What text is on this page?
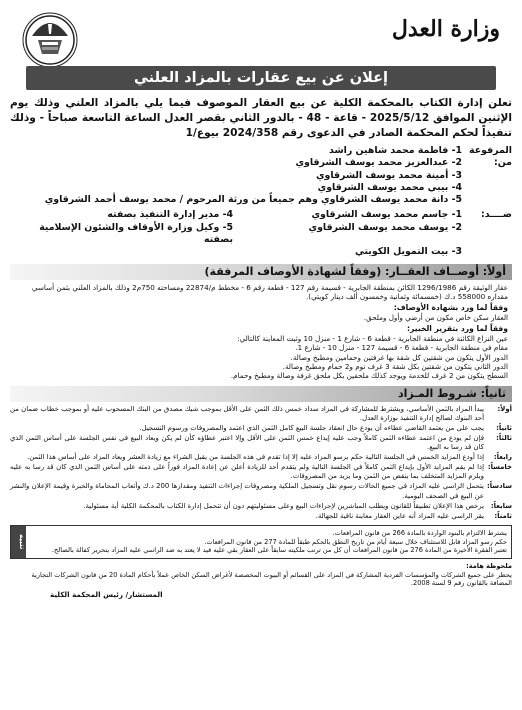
وزارة العدل
إعلان عن بيع عقارات بالمزاد العلني

تعلن إدارة الكتاب بالمحكمة الكلية عن بيع العقار الموصوف فيما يلي بالمزاد العلني وذلك يوم الإثنين الموافق 2025/5/12 - قاعة - 48 - بالدور الثاني بقصر العدل الساعة التاسعة صباحاً - وذلك تنفيذاً لحكم المحكمة الصادر في الدعوى رقم 2024/358 بيوع/1

المرفوعة من:
1- فاطمة محمد شاهين راشد
2- عبدالعزيز محمد يوسف الشرقاوي
3- أمينة محمد يوسف الشرقاوي
4- بيبي محمد يوسف الشرقاوي
5- دانة محمد يوسف الشرقاوي وهم جميعاً من ورثة المرحوم / محمد يوسف أحمد الشرقاوي
ضــــد:
1- جاسم محمد يوسف الشرقاوي
4- مدير إدارة التنفيذ بصفته
2- يوسف محمد يوسف الشرقاوي
5- وكيل وزارة الأوقاف والشئون الإسلامية بصفته
3- بيت التمويل الكويتي
أولاً: أوصــاف العقــار: (وفقاً لشهادة الأوصاف المرفقة)
عقار الوثيقة رقم 1296/1986 الكائن بمنطقة الجابرية - قسيمة رقم 127 - قطعة رقم 6 - مخطط م/22874 ومساحته 750م2 وذلك بالمزاد العلني بثمن أساسي مقداره 558000 د.ك (خمسمائة وثمانية وخمسون ألف دينار كويتي).
وفقاً لما ورد بشهادة الأوصاف:
العقار سكن خاص مكون من أرضي وأول وملحق.
وفقاً لما ورد بتقرير الخبير:
عين النزاع الكائنة في منطقة الجابرية - قطعة 6 - شارع 1 - منزل 10 وثبت المعاينة كالتالي:
مقام في منطقة الجابرية - قطعة 6 - قسيمة 127 - منزل 10 - شارع 1.
الدور الأول يتكون من شقتين كل شقة بها غرفتين وحمامين ومطبخ وصالة.
الدور الثاني يتكون من شقتين بكل شقة 3 غرف نوم و2 حمام ومطبخ وصالة.
السطح يتكون من 2 غرف للخدمة ويوجد كذلك ملحقين بكل ملحق غرفة وصالة ومطبخ وحمام.
ثانياً: شـروط المـزاد
أولاً:
يبدأ المزاد بالثمن الأساسي، ويشترط للمشاركة في المزاد سداد خمس ذلك الثمن على الأقل بموجب شيك مصدق من البنك المسحوب عليه أو بموجب خطاب ضمان من أحد البنوك لصالح إدارة التنفيذ بوزارة العدل.
ثانياً:
يجب على من يعتمد القاضي عطاءه أن يودع حال انعقاد جلسة البيع كامل الثمن الذي اعتمد والمصروفات ورسوم التسجيل.
ثالثاً:
فإن لم يودع من اعتمد عطاءه الثمن كاملاً وجب عليه إيداع خمس الثمن على الأقل وإلا اعتبر عطاؤه كأن لم يكن ويعاد البيع في نفس الجلسة على أساس الثمن الذي كان قد رسا به البيع.
رابعاً:
إذا أودع المزايد الخمس في الجلسة التالية حكم برسو المزاد عليه إلا إذا تقدم في هذه الجلسة من يقبل الشراء مع زيادة العشر ويعاد المزاد على أساس هذا الثمن.
خامساً:
إذا لم يقم المزايد الأول بإيداع الثمن كاملاً في الجلسة التالية ولم يتقدم أحد للزيادة أعلن عن إعادة المزاد فوراً على ذمته على أساس الثمن الذي كان قد رسا به عليه ويلزم المزايد المتخلف بما ينقص من الثمن وما يزيد من المصروفات.
سادساً:
يتحمل الراسي عليه المزاد في جميع الحالات رسوم نقل وتسجيل الملكية ومصروفات إجراءات التنفيذ ومقدارها 200 د.ك وأتعاب المحاماة والخبرة وقيمة الإعلان والنشر عن البيع في الصحف اليومية.
سابعاً:
يرخص هذا الإعلان تطبيقاً للقانون ويطلب المباشرين لإجراءات البيع وعلى مسئوليتهم دون أن تتحمل إدارة الكتاب بالمحكمة الكلية أية مسئولية.
ثامناً:
يقر الراسي عليه المزاد أنه عاين العقار معاينة نافية للجهالة.
تنبيه
يشترط الالتزام بالبنود الواردة بالمادة 266 من قانون المرافعات.
حكم رسو المزاد قابل للاستئناف خلال سبعة أيام من تاريخ النطق بالحكم طبقاً للمادة 277 من قانون المرافعات.
تعتبر الفقرة الأخيرة من المادة 276 من قانون المرافعات أن كل من ترتب ملكيته سابقاً على العقار بقي عليه قيد لا يعتد به ضد الراسي عليه المزاد بتحرير كفالة بالصالح.
ملحوظة هامة:
يحظر على جميع الشركات والمؤسسات الفردية المشاركة في المزاد على القسائم أو البيوت المخصصة لأغراض السكن الخاص عملاً بأحكام المادة 20 من قانون الشركات التجارية المضافة بالقانون رقم 9 لسنة 2008.
المستشار/ رئيس المحكمة الكلية
